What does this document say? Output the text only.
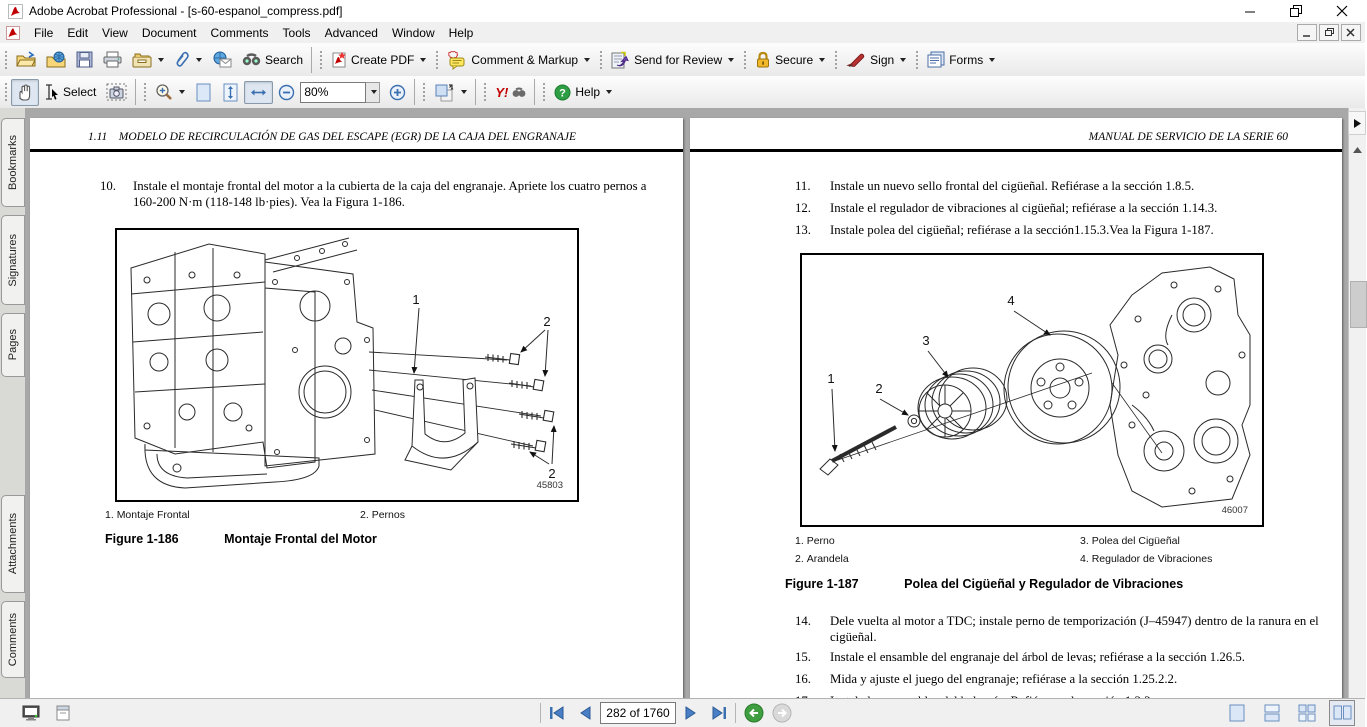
Adobe Acrobat Professional - [s-60-espanol_compress.pdf]
File	Edit	View	Document	Comments	Tools	Advanced	Window	Help
Search	Create PDF	Comment & Markup	Send for Review	Secure	Sign	Forms
Select
80%	Y!	? Help
Bookmarks
Signatures
Pages
Attachments
Comments
1.11 MODELO DE RECIRCULACIÓN DE GAS DEL ESCAPE (EGR) DE LA CAJA DEL ENGRANAJE
10. Instale el montaje frontal del motor a la cubierta de la caja del engranaje. Apriete los cuatro pernos a 160-200 N·m (118-148 lb·pies). Vea la Figura 1-186.
1
2
2
45803
1. Montaje Frontal	2. Pernos
Figure 1-186	Montaje Frontal del Motor
MANUAL DE SERVICIO DE LA SERIE 60
11. Instale un nuevo sello frontal del cigüeñal. Refiérase a la sección 1.8.5.
12. Instale el regulador de vibraciones al cigüeñal; refiérase a la sección 1.14.3.
13. Instale polea del cigüeñal; refiérase a la sección1.15.3.Vea la Figura 1-187.
1
2
3
4
46007
1. Perno
2. Arandela
3. Polea del Cigüeñal
4. Regulador de Vibraciones
Figure 1-187	Polea del Cigüeñal y Regulador de Vibraciones
14. Dele vuelta al motor a TDC; instale perno de temporización (J–45947) dentro de la ranura en el cigüeñal.
15. Instale el ensamble del engranaje del árbol de levas; refiérase a la sección 1.26.5.
16. Mida y ajuste el juego del engranaje; refiérase a la sección 1.25.2.2.
282 of 1760
